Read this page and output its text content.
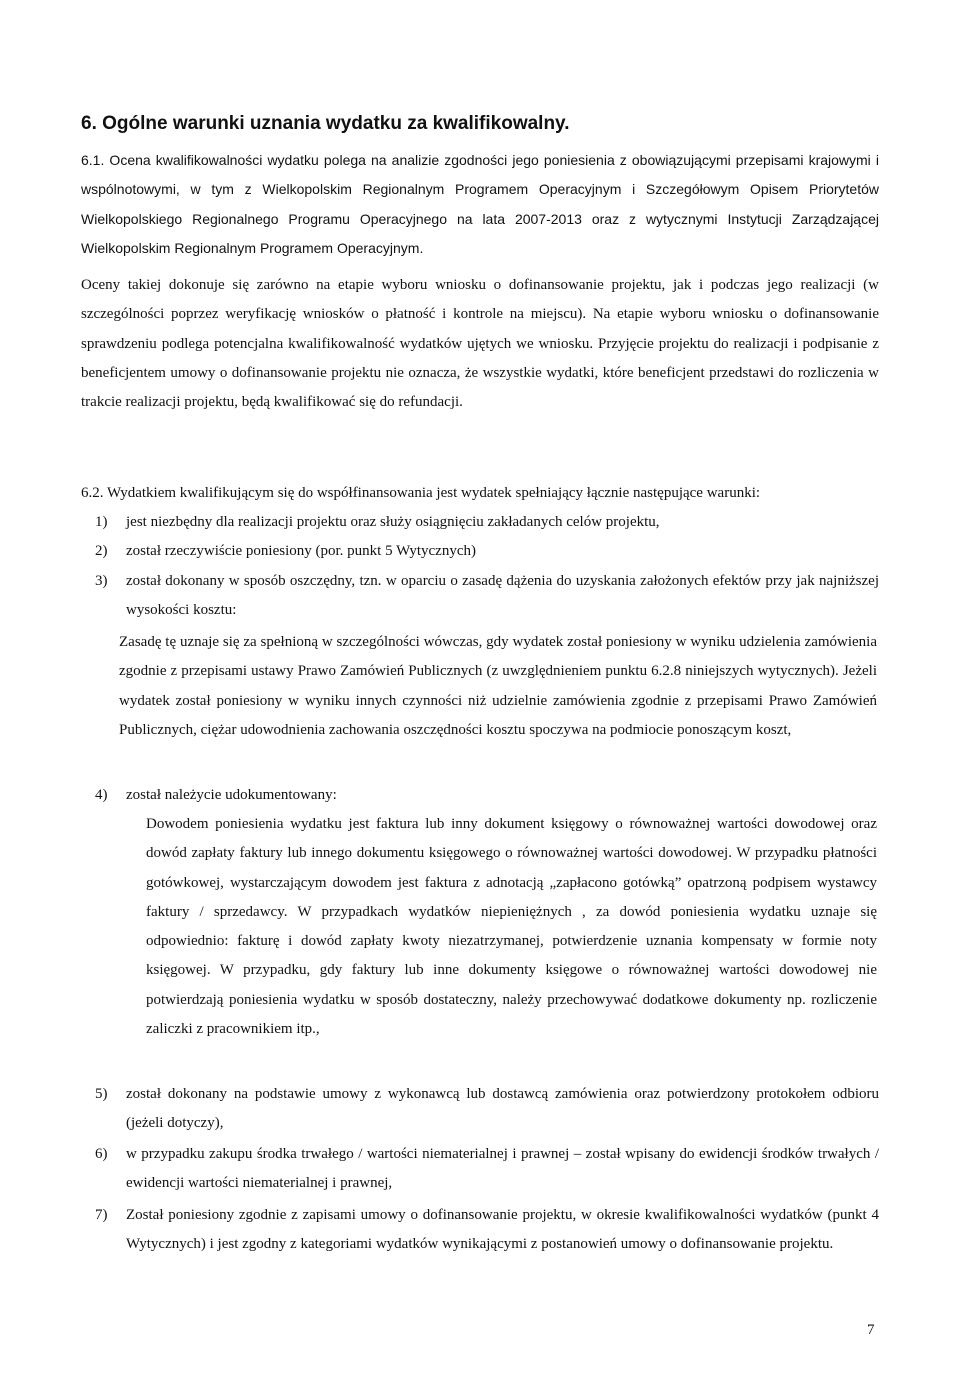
6. Ogólne warunki uznania wydatku za kwalifikowalny.
6.1. Ocena kwalifikowalności wydatku polega na analizie zgodności jego poniesienia z obowiązującymi przepisami krajowymi i wspólnotowymi, w tym z Wielkopolskim Regionalnym Programem Operacyjnym i Szczegółowym Opisem Priorytetów Wielkopolskiego Regionalnego Programu Operacyjnego na lata 2007-2013 oraz z wytycznymi Instytucji Zarządzającej Wielkopolskim Regionalnym Programem Operacyjnym.
Oceny takiej dokonuje się zarówno na etapie wyboru wniosku o dofinansowanie projektu, jak i podczas jego realizacji (w szczególności poprzez weryfikację wniosków o płatność i kontrole na miejscu). Na etapie wyboru wniosku o dofinansowanie sprawdzeniu podlega potencjalna kwalifikowalność wydatków ujętych we wniosku. Przyjęcie projektu do realizacji i podpisanie z beneficjentem umowy o dofinansowanie projektu nie oznacza, że wszystkie wydatki, które beneficjent przedstawi do rozliczenia w trakcie realizacji projektu, będą kwalifikować się do refundacji.
6.2. Wydatkiem kwalifikującym się do współfinansowania jest wydatek spełniający łącznie następujące warunki:
1) jest niezbędny dla realizacji projektu oraz służy osiągnięciu zakładanych celów projektu,
2) został rzeczywiście poniesiony (por. punkt 5 Wytycznych)
3) został dokonany w sposób oszczędny, tzn. w oparciu o zasadę dążenia do uzyskania założonych efektów przy jak najniższej wysokości kosztu:
Zasadę tę uznaje się za spełnioną w szczególności wówczas, gdy wydatek został poniesiony w wyniku udzielenia zamówienia zgodnie z przepisami ustawy Prawo Zamówień Publicznych (z uwzględnieniem punktu 6.2.8 niniejszych wytycznych). Jeżeli wydatek został poniesiony w wyniku innych czynności niż udzielnie zamówienia zgodnie z przepisami Prawo Zamówień Publicznych, ciężar udowodnienia zachowania oszczędności kosztu spoczywa na podmiocie ponoszącym koszt,
4) został należycie udokumentowany:
Dowodem poniesienia wydatku jest faktura lub inny dokument księgowy o równoważnej wartości dowodowej oraz dowód zapłaty faktury lub innego dokumentu księgowego o równoważnej wartości dowodowej. W przypadku płatności gotówkowej, wystarczającym dowodem jest faktura z adnotacją „zapłacono gotówką” opatrzoną podpisem wystawcy faktury / sprzedawcy. W przypadkach wydatków niepieniężnych , za dowód poniesienia wydatku uznaje się odpowiednio: fakturę i dowód zapłaty kwoty niezatrzymanej, potwierdzenie uznania kompensaty w formie noty księgowej. W przypadku, gdy faktury lub inne dokumenty księgowe o równoważnej wartości dowodowej nie potwierdzają poniesienia wydatku w sposób dostateczny, należy przechowywać dodatkowe dokumenty np. rozliczenie zaliczki z pracownikiem itp.,
5) został dokonany na podstawie umowy z wykonawcą lub dostawcą zamówienia oraz potwierdzony protokołem odbioru (jeżeli dotyczy),
6) w przypadku zakupu środka trwałego / wartości niematerialnej i prawnej – został wpisany do ewidencji środków trwałych / ewidencji wartości niematerialnej i prawnej,
7) Został poniesiony zgodnie z zapisami umowy o dofinansowanie projektu, w okresie kwalifikowalności wydatków (punkt 4 Wytycznych) i jest zgodny z kategoriami wydatków wynikającymi z postanowień umowy o dofinansowanie projektu.
7
